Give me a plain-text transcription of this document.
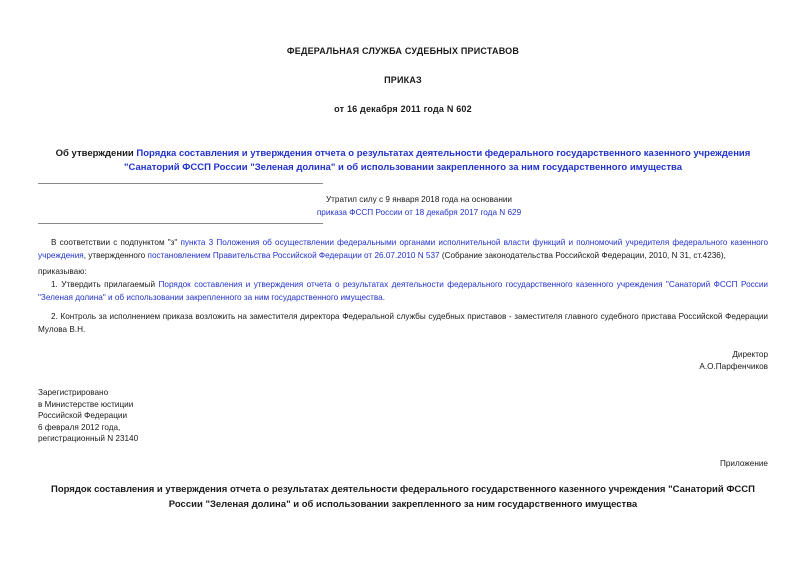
ФЕДЕРАЛЬНАЯ СЛУЖБА СУДЕБНЫХ ПРИСТАВОВ
ПРИКАЗ
от 16 декабря 2011 года N 602
Об утверждении Порядка составления и утверждения отчета о результатах деятельности федерального государственного казенного учреждения "Санаторий ФССП России "Зеленая долина" и об использовании закрепленного за ним государственного имущества
Утратил силу с 9 января 2018 года на основании
приказа ФССП России от 18 декабря 2017 года N 629

В соответствии с подпунктом "з" пункта 3 Положения об осуществлении федеральными органами исполнительной власти функций и полномочий учредителя федерального казенного учреждения, утвержденного постановлением Правительства Российской Федерации от 26.07.2010 N 537 (Собрание законодательства Российской Федерации, 2010, N 31, ст.4236),

приказываю:

1. Утвердить прилагаемый Порядок составления и утверждения отчета о результатах деятельности федерального государственного казенного учреждения "Санаторий ФССП России "Зеленая долина" и об использовании закрепленного за ним государственного имущества.

2. Контроль за исполнением приказа возложить на заместителя директора Федеральной службы судебных приставов - заместителя главного судебного пристава Российской Федерации Мулова В.Н.

Директор
А.О.Парфенчиков
Зарегистрировано
в Министерстве юстиции
Российской Федерации
6 февраля 2012 года,
регистрационный N 23140
Приложение
Порядок составления и утверждения отчета о результатах деятельности федерального государственного казенного учреждения "Санаторий ФССП России "Зеленая долина" и об использовании закрепленного за ним государственного имущества
